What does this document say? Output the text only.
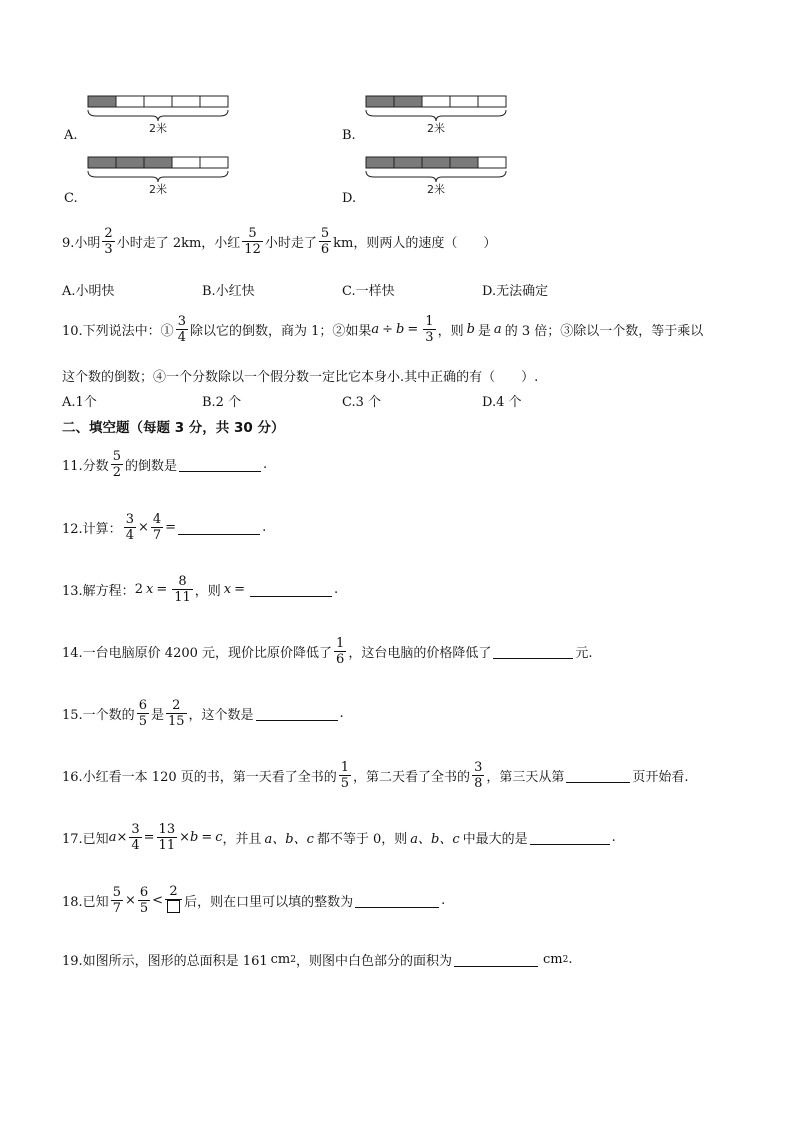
2米
A.	2米
B.
2米
C.
2米
D.
9.小明 $\frac{2}{3}$ 小时走了 2km，小红 $\frac{5}{12}$ 小时走了 $\frac{5}{6}$ km，则两人的速度（　　）
A.小明快	B.小红快	C.一样快	D.无法确定
10.下列说法中：① $\frac{3}{4}$ 除以它的倒数，商为 1；②如果 $a \div b = \frac{1}{3}$ ，则 b 是 a 的 3 倍；③除以一个数，等于乘以
这个数的倒数；④一个分数除以一个假分数一定比它本身小.其中正确的有（　　）.
A.1个	B.2 个	C.3 个	D.4 个
二、填空题（每题 3 分，共 30 分）
11.分数 $\frac{5}{2}$ 的倒数是	.
12.计算： $\frac{3}{4} \times \frac{4}{7}$ =	.
13.解方程： 2 $x = \frac{8}{11}$ ，则 x =	.
14.一台电脑原价 4200 元，现价比原价降低了 $\frac{1}{6}$ ，这台电脑的价格降低了	元.
15.一个数的 $\frac{6}{5}$ 是 $\frac{2}{15}$ ，这个数是	.
16.小红看一本 120 页的书，第一天看了全书的 $\frac{1}{5}$ ，第二天看了全书的 $\frac{3}{8}$ ，第三天从第	页开始看.
17.已知 $a \times \frac{3}{4} = \frac{13}{11} \times b = c$ ，并且 a、b、c 都不等于 0，则 a、b、c 中最大的是	.
18.已知 $\frac{5}{7} \times \frac{6}{5}$ <
2
后，则在口里可以填的整数为	.
19.如图所示，图形的总面积是 161 cm 2 ，则图中白色部分的面积为	cm 2 .
